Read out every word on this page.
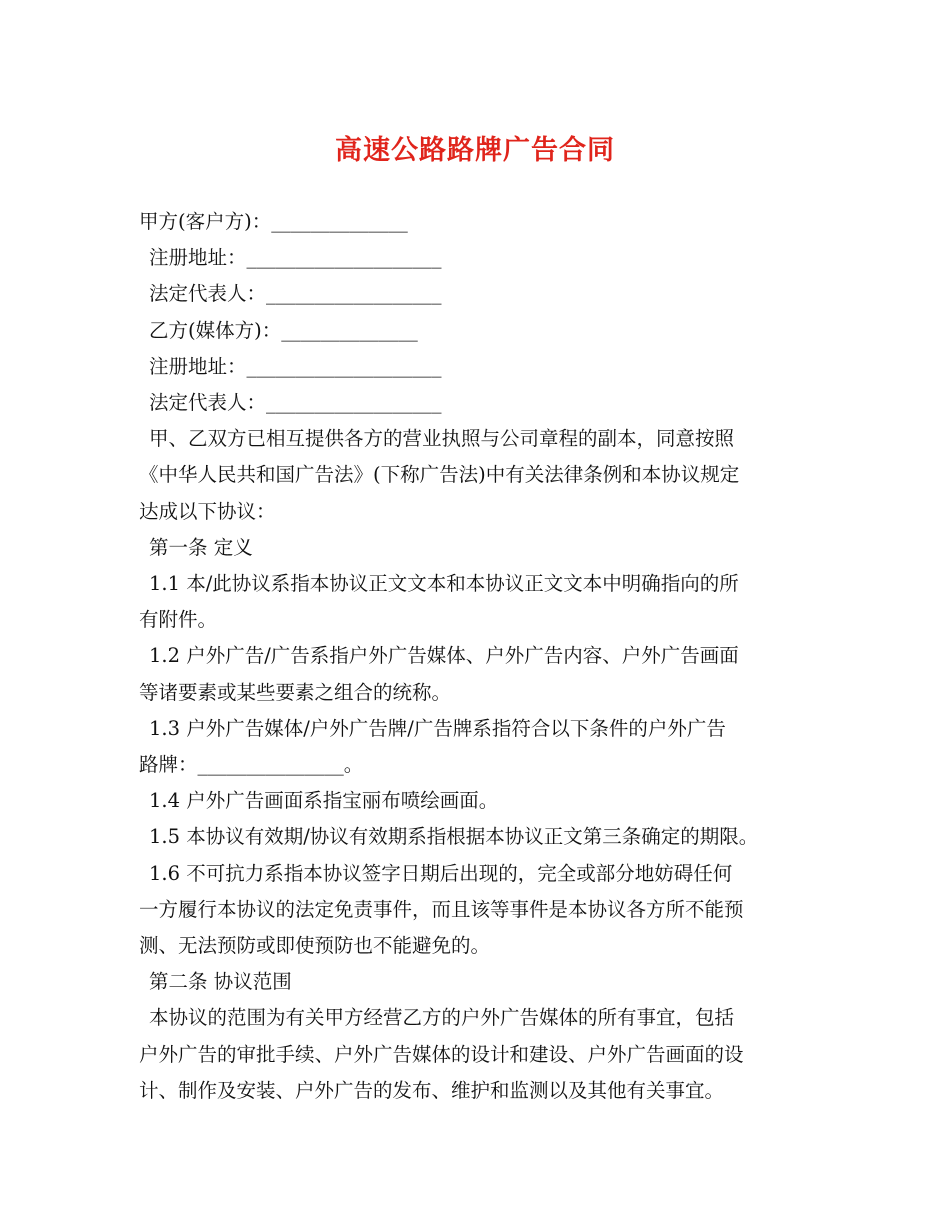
高速公路路牌广告合同
甲方(客户方)：______________
注册地址：____________________
法定代表人：__________________
乙方(媒体方)：______________
注册地址：____________________
法定代表人：__________________
甲、乙双方已相互提供各方的营业执照与公司章程的副本，同意按照
《中华人民共和国广告法》(下称广告法)中有关法律条例和本协议规定
达成以下协议：
第一条 定义
1.1 本/此协议系指本协议正文文本和本协议正文文本中明确指向的所
有附件。
1.2 户外广告/广告系指户外广告媒体、户外广告内容、户外广告画面
等诸要素或某些要素之组合的统称。
1.3 户外广告媒体/户外广告牌/广告牌系指符合以下条件的户外广告
路牌：_______________。
1.4 户外广告画面系指宝丽布喷绘画面。
1.5 本协议有效期/协议有效期系指根据本协议正文第三条确定的期限。
1.6 不可抗力系指本协议签字日期后出现的，完全或部分地妨碍任何
一方履行本协议的法定免责事件，而且该等事件是本协议各方所不能预
测、无法预防或即使预防也不能避免的。
第二条 协议范围
本协议的范围为有关甲方经营乙方的户外广告媒体的所有事宜，包括
户外广告的审批手续、户外广告媒体的设计和建设、户外广告画面的设
计、制作及安装、户外广告的发布、维护和监测以及其他有关事宜。
